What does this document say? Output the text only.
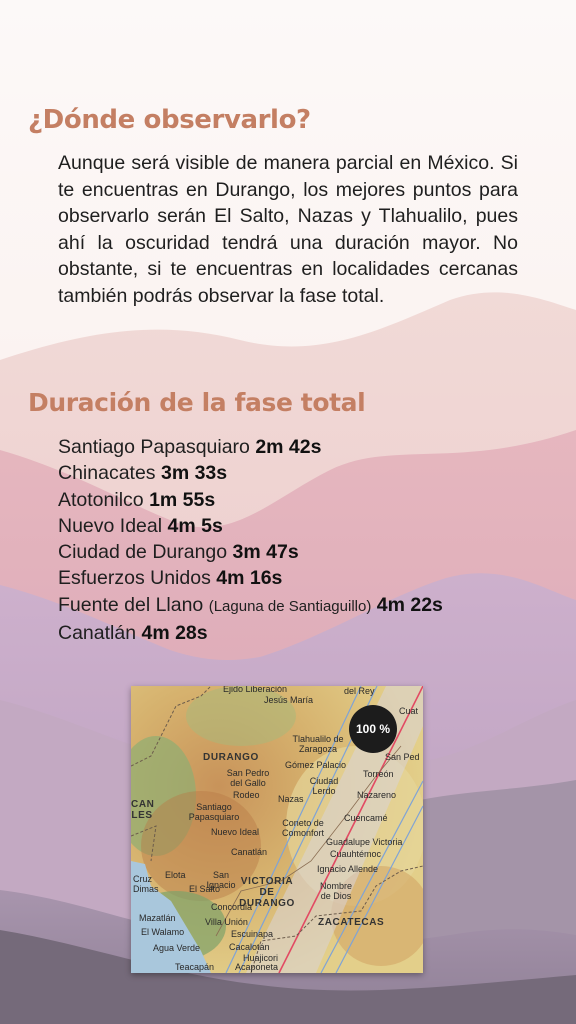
¿Dónde observarlo?

Aunque será visible de manera parcial en México. Si te encuentras en Durango, los mejores puntos para observarlo serán El Salto, Nazas y Tlahualilo, pues ahí la oscuridad tendrá una duración mayor. No obstante, si te encuentras en localidades cercanas también podrás observar la fase total.

Duración de la fase total
Santiago Papasquiaro 2m 42s
Chinacates 3m 33s
Atotonilco 1m 55s
Nuevo Ideal 4m 5s
Ciudad de Durango 3m 47s
Esfuerzos Unidos 4m 16s
Fuente del Llano (Laguna de Santiaguillo) 4m 22s
Canatlán 4m 28s
100 %
DURANGO
VICTORIA DE DURANGO
ZACATECAS
CAN LES
Ejido Liberación
Jesús María
del Rey
Cuat
Tlahualilo de Zaragoza
San Ped
Gómez Palacio
Torreón
San Pedro del Gallo	Ciudad Lerdo
Rodeo Nazas	Nazareno
Santiago Papasquiaro
Coneto de Comonfort
Cuencamé
Nuevo Ideal
Guadalupe Victoria
Canatlán	Cuauhtémoc
Ignacio Allende
San Ignacio
Cruz Elota
Dimas	El Salto	Nombre de Dios
Concordia
Mazatlán	Villa Unión
El Walamo	Escuinapa
Agua Verde	Cacalotán
Huajicori
Teacapán Acaponeta
